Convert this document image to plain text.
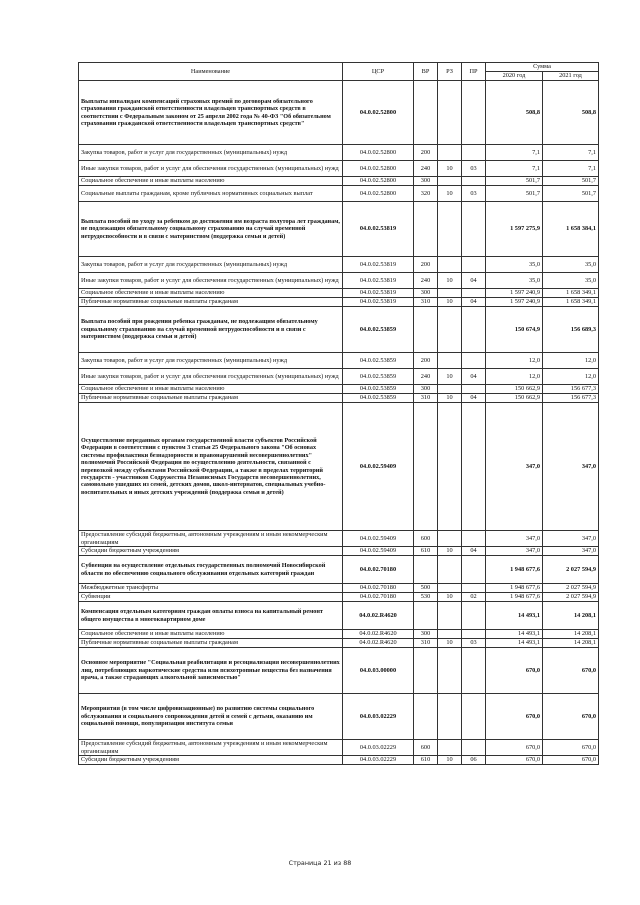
Наименование	ЦСР	ВР	РЗ	ПР	Сумма	
					2020 год	2021 год
Выплаты инвалидам компенсаций страховых премий по договорам обязательного страхования гражданской ответственности владельцев транспортных средств в соответствии с Федеральным законом от 25 апреля 2002 года № 40-ФЗ "Об обязательном страховании гражданской ответственности владельцев транспортных средств"	04.0.02.52800				508,8	508,8
Закупка товаров, работ и услуг для государственных (муниципальных) нужд	04.0.02.52800	200			7,1	7,1
Иные закупки товаров, работ и услуг для обеспечения государственных (муниципальных) нужд	04.0.02.52800	240	10	03	7,1	7,1
Социальное обеспечение и иные выплаты населению	04.0.02.52800	300			501,7	501,7
Социальные выплаты гражданам, кроме публичных нормативных социальных выплат	04.0.02.52800	320	10	03	501,7	501,7
Выплата пособий по уходу за ребенком до достижения им возраста полутора лет гражданам, не подлежащим обязательному социальному страхованию на случай временной нетрудоспособности и в связи с материнством (поддержка семьи и детей)	04.0.02.53819				1 597 275,9	1 658 384,1
Закупка товаров, работ и услуг для государственных (муниципальных) нужд	04.0.02.53819	200			35,0	35,0
Иные закупки товаров, работ и услуг для обеспечения государственных (муниципальных) нужд	04.0.02.53819	240	10	04	35,0	35,0
Социальное обеспечение и иные выплаты населению	04.0.02.53819	300			1 597 240,9	1 658 349,1
Публичные нормативные социальные выплаты гражданам	04.0.02.53819	310	10	04	1 597 240,9	1 658 349,1
Выплата пособий при рождении ребенка гражданам, не подлежащим обязательному социальному страхованию на случай временной нетрудоспособности и в связи с материнством (поддержка семьи и детей)	04.0.02.53859				150 674,9	156 689,3
Закупка товаров, работ и услуг для государственных (муниципальных) нужд	04.0.02.53859	200			12,0	12,0
Иные закупки товаров, работ и услуг для обеспечения государственных (муниципальных) нужд	04.0.02.53859	240	10	04	12,0	12,0
Социальное обеспечение и иные выплаты населению	04.0.02.53859	300			150 662,9	156 677,3
Публичные нормативные социальные выплаты гражданам	04.0.02.53859	310	10	04	150 662,9	156 677,3
Осуществление переданных органам государственной власти субъектов Российской Федерации в соответствии с пунктом 3 статьи 25 Федерального закона "Об основах системы профилактики безнадзорности и правонарушений несовершеннолетних" полномочий Российской Федерации по осуществлению деятельности, связанной с перевозкой между субъектами Российской Федерации, а также в пределах территорий государств - участников Содружества Независимых Государств несовершеннолетних, самовольно ушедших из семей, детских домов, школ-интернатов, специальных учебно-воспитательных и иных детских учреждений (поддержка семьи и детей)	04.0.02.59409				347,0	347,0
Предоставление субсидий бюджетным, автономным учреждениям и иным некоммерческим организациям	04.0.02.59409	600			347,0	347,0
Субсидии бюджетным учреждениям	04.0.02.59409	610	10	04	347,0	347,0
Субвенции на осуществление отдельных государственных полномочий Новосибирской области по обеспечению социального обслуживания отдельных категорий граждан	04.0.02.70180				1 948 677,6	2 027 594,9
Межбюджетные трансферты	04.0.02.70180	500			1 948 677,6	2 027 594,9
Субвенции	04.0.02.70180	530	10	02	1 948 677,6	2 027 594,9
Компенсация отдельным категориям граждан оплаты взноса на капитальный ремонт общего имущества в многоквартирном доме	04.0.02.R4620				14 493,1	14 208,1
Социальное обеспечение и иные выплаты населению	04.0.02.R4620	300			14 493,1	14 208,1
Публичные нормативные социальные выплаты гражданам	04.0.02.R4620	310	10	03	14 493,1	14 208,1
Основное мероприятие "Социальная реабилитация и ресоциализация несовершеннолетних лиц, потребляющих наркотические средства или психотропные вещества без назначения врача, а также страдающих алкогольной зависимостью"	04.0.03.00000				670,0	670,0
Мероприятия (в том числе цифровизационные) по развитию системы социального обслуживания и социального сопровождения детей и семей с детьми, оказанию им социальной помощи, популяризации института семьи	04.0.03.02229				670,0	670,0
Предоставление субсидий бюджетным, автономным учреждениям и иным некоммерческим организациям	04.0.03.02229	600			670,0	670,0
Субсидии бюджетным учреждениям	04.0.03.02229	610	10	06	670,0	670,0
Страница 21 из 88
